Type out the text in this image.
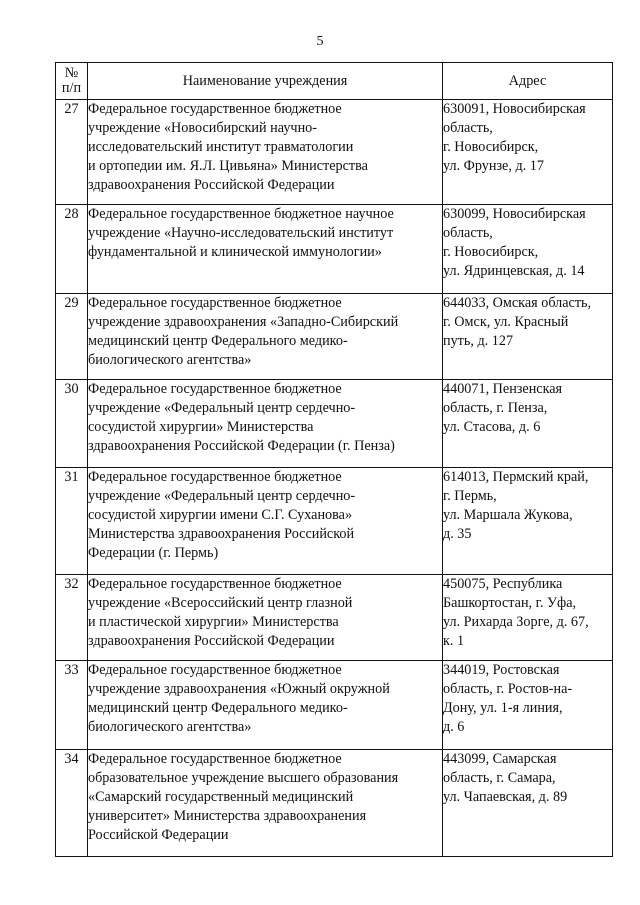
5
№
п/п	Наименование учреждения	Адрес
27	Федеральное государственное бюджетное
учреждение «Новосибирский научно-
исследовательский институт травматологии
и ортопедии им. Я.Л. Цивьяна» Министерства
здравоохранения Российской Федерации	630091, Новосибирская
область,
г. Новосибирск,
ул. Фрунзе, д. 17

28	Федеральное государственное бюджетное научное
учреждение «Научно-исследовательский институт
фундаментальной и клинической иммунологии»	630099, Новосибирская
область,
г. Новосибирск,
ул. Ядринцевская, д. 14

29	Федеральное государственное бюджетное
учреждение здравоохранения «Западно-Сибирский
медицинский центр Федерального медико-
биологического агентства»	644033, Омская область,
г. Омск, ул. Красный
путь, д. 127

30	Федеральное государственное бюджетное
учреждение «Федеральный центр сердечно-
сосудистой хирургии» Министерства
здравоохранения Российской Федерации (г. Пенза)	440071, Пензенская
область, г. Пенза,
ул. Стасова, д. 6

31	Федеральное государственное бюджетное
учреждение «Федеральный центр сердечно-
сосудистой хирургии имени С.Г. Суханова»
Министерства здравоохранения Российской
Федерации (г. Пермь)	614013, Пермский край,
г. Пермь,
ул. Маршала Жукова,
д. 35

32	Федеральное государственное бюджетное
учреждение «Всероссийский центр глазной
и пластической хирургии» Министерства
здравоохранения Российской Федерации	450075, Республика
Башкортостан, г. Уфа,
ул. Рихарда Зорге, д. 67,
к. 1

33	Федеральное государственное бюджетное
учреждение здравоохранения «Южный окружной
медицинский центр Федерального медико-
биологического агентства»	344019, Ростовская
область, г. Ростов-на-
Дону, ул. 1-я линия,
д. 6

34	Федеральное государственное бюджетное
образовательное учреждение высшего образования
«Самарский государственный медицинский
университет» Министерства здравоохранения
Российской Федерации	443099, Самарская
область, г. Самара,
ул. Чапаевская, д. 89
